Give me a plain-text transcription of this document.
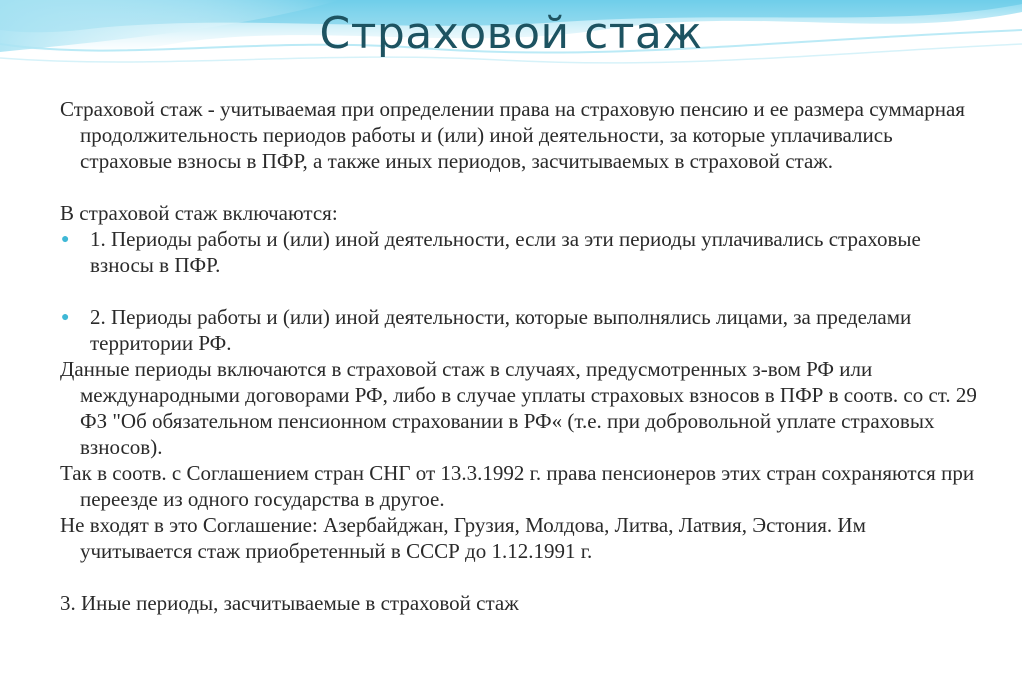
Страховой стаж

Страховой стаж - учитываемая при определении права на страховую пенсию и ее размера суммарная продолжительность периодов работы и (или) иной деятельности, за которые уплачивались страховые взносы в ПФР, а также иных периодов, засчитываемых в страховой стаж.

В страховой стаж включаются:

● 1. Периоды работы и (или) иной деятельности, если за эти периоды уплачивались страховые взносы в ПФР.
● 2. Периоды работы и (или) иной деятельности, которые выполнялись лицами, за пределами территории РФ.

Данные периоды включаются в страховой стаж в случаях, предусмотренных з-вом РФ или международными договорами РФ, либо в случае уплаты страховых взносов в ПФР в соотв. со ст. 29 ФЗ "Об обязательном пенсионном страховании в РФ« (т.е. при добровольной уплате страховых взносов).

Так в соотв. с Соглашением стран СНГ от 13.3.1992 г. права пенсионеров этих стран сохраняются при переезде из одного государства в другое.

Не входят в это Соглашение: Азербайджан, Грузия, Молдова, Литва, Латвия, Эстония. Им учитывается стаж приобретенный в СССР до 1.12.1991 г.

3. Иные периоды, засчитываемые в страховой стаж
